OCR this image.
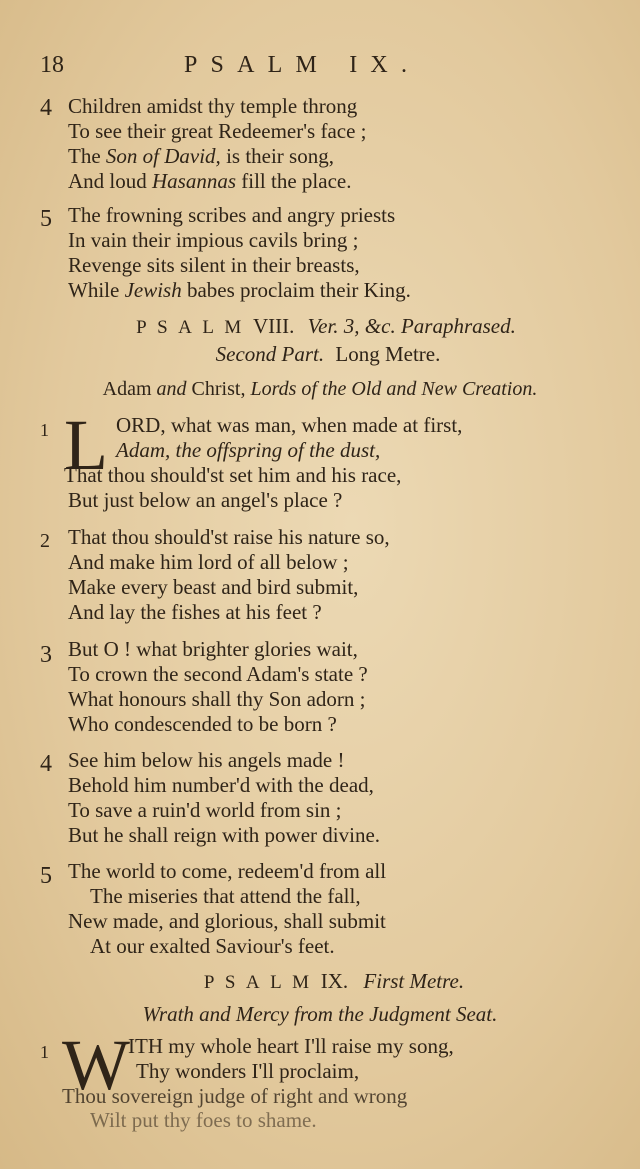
18	PSALM IX.
4 Children amidst thy temple throng
To see their great Redeemer's face ;
The Son of David, is their song,
And loud Hasannas fill the place.
5 The frowning scribes and angry priests
In vain their impious cavils bring ;
Revenge sits silent in their breasts,
While Jewish babes proclaim their King.
PSALM VIII. Ver. 3, &c. Paraphrased.
Second Part. Long Metre.
Adam and Christ, Lords of the Old and New Creation.
1 L ORD, what was man, when made at first,
Adam, the offspring of the dust,
That thou should'st set him and his race,
But just below an angel's place ?
2 That thou should'st raise his nature so,
And make him lord of all below ;
Make every beast and bird submit,
And lay the fishes at his feet ?
3 But O ! what brighter glories wait,
To crown the second Adam's state ?
What honours shall thy Son adorn ;
Who condescended to be born ?
4 See him below his angels made !
Behold him number'd with the dead,
To save a ruin'd world from sin ;
But he shall reign with power divine.
5 The world to come, redeem'd from all
The miseries that attend the fall,
New made, and glorious, shall submit
At our exalted Saviour's feet.
PSALM IX. First Metre.
Wrath and Mercy from the Judgment Seat.
1 W
ITH my whole heart I'll raise my song,
Thy wonders I'll proclaim,
Thou sovereign judge of right and wrong
Wilt put thy foes to shame.
